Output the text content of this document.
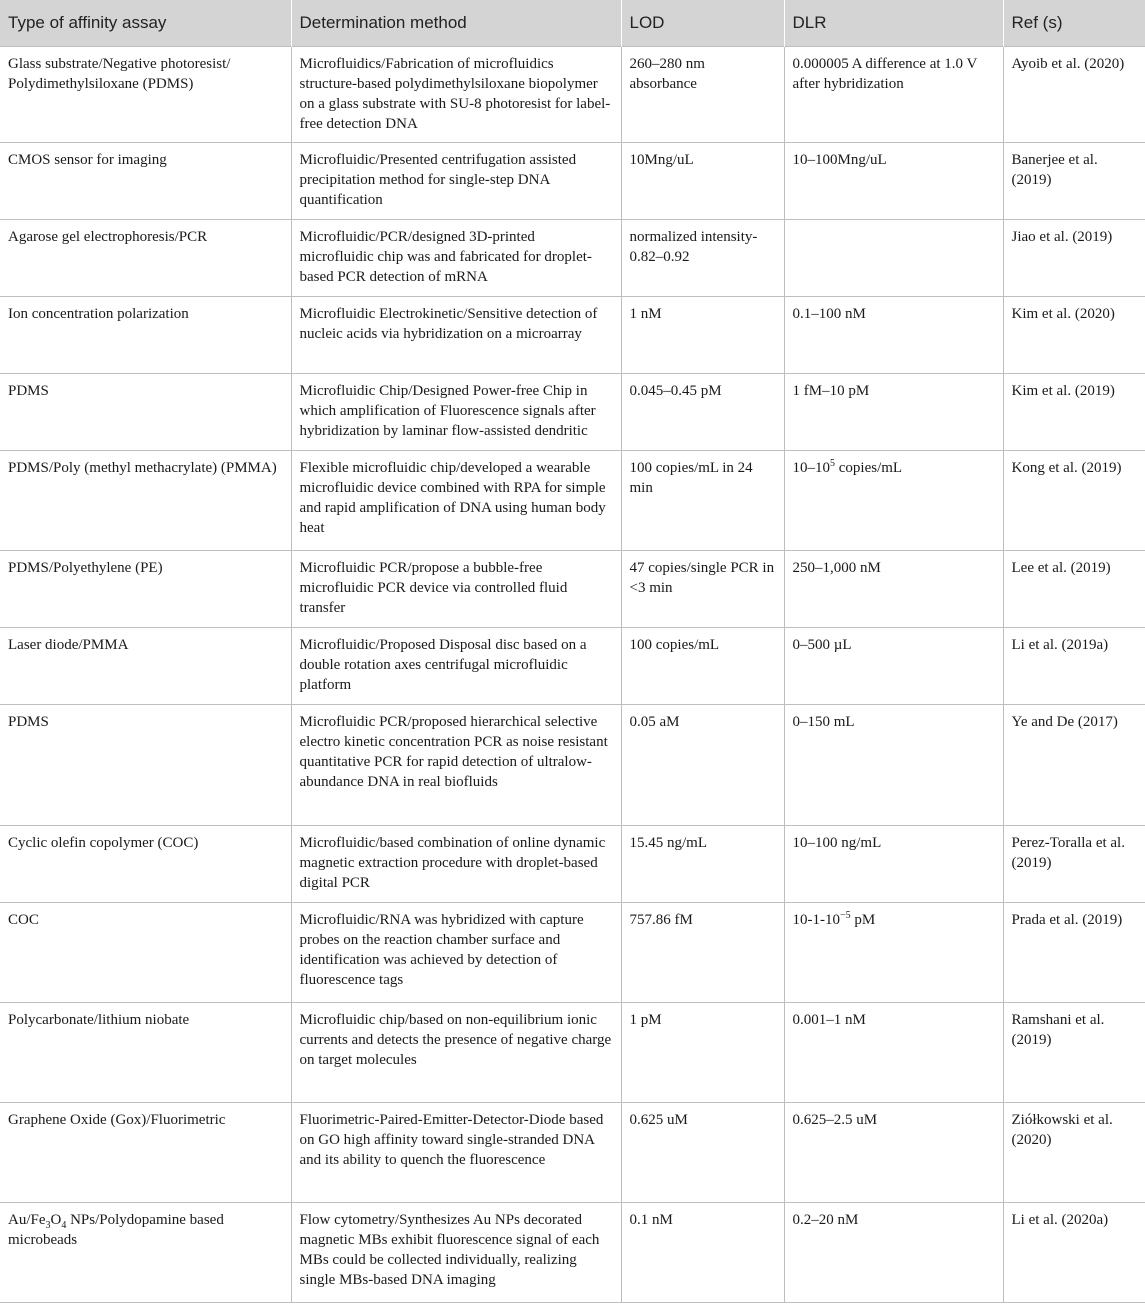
Type of affinity assay	Determination method	LOD	DLR	Ref (s)
Glass substrate/Negative photoresist/ Polydimethylsiloxane (PDMS)	Microfluidics/Fabrication of microfluidics structure-based polydimethylsiloxane biopolymer on a glass substrate with SU-8 photoresist for label-free detection DNA	260–280 nm absorbance	0.000005 A difference at 1.0 V after hybridization	Ayoib et al. (2020)
CMOS sensor for imaging	Microfluidic/Presented centrifugation assisted precipitation method for single-step DNA quantification	10Mng/uL	10–100Mng/uL	Banerjee et al. (2019)
Agarose gel electrophoresis/PCR	Microfluidic/PCR/designed 3D-printed microfluidic chip was and fabricated for droplet-based PCR detection of mRNA	normalized intensity-0.82–0.92		Jiao et al. (2019)
Ion concentration polarization	Microfluidic Electrokinetic/Sensitive detection of nucleic acids via hybridization on a microarray	1 nM	0.1–100 nM	Kim et al. (2020)
PDMS	Microfluidic Chip/Designed Power-free Chip in which amplification of Fluorescence signals after hybridization by laminar flow-assisted dendritic	0.045–0.45 pM	1 fM–10 pM	Kim et al. (2019)
PDMS/Poly (methyl methacrylate) (PMMA)	Flexible microfluidic chip/developed a wearable microfluidic device combined with RPA for simple and rapid amplification of DNA using human body heat	100 copies/mL in 24 min	$10-10^5$ copies/mL	Kong et al. (2019)
PDMS/Polyethylene (PE)	Microfluidic PCR/propose a bubble-free microfluidic PCR device via controlled fluid transfer	47 copies/single PCR in <3 min	250–1,000 nM	Lee et al. (2019)
Laser diode/PMMA	Microfluidic/Proposed Disposal disc based on a double rotation axes centrifugal microfluidic platform	100 copies/mL	0–500 µL	Li et al. (2019a)
PDMS	Microfluidic PCR/proposed hierarchical selective electro kinetic concentration PCR as noise resistant quantitative PCR for rapid detection of ultralow-abundance DNA in real biofluids	0.05 aM	0–150 mL	Ye and De (2017)
Cyclic olefin copolymer (COC)	Microfluidic/based combination of online dynamic magnetic extraction procedure with droplet-based digital PCR	15.45 ng/mL	10–100 ng/mL	Perez-Toralla et al. (2019)
COC	Microfluidic/RNA was hybridized with capture probes on the reaction chamber surface and identification was achieved by detection of fluorescence tags	757.86 fM	$10-1-10^{-5}$ pM	Prada et al. (2019)
Polycarbonate/lithium niobate	Microfluidic chip/based on non-equilibrium ionic currents and detects the presence of negative charge on target molecules	1 pM	0.001–1 nM	Ramshani et al. (2019)
Graphene Oxide (Gox)/Fluorimetric	Fluorimetric-Paired-Emitter-Detector-Diode based on GO high affinity toward single-stranded DNA and its ability to quench the fluorescence	0.625 uM	0.625–2.5 uM	Ziółkowski et al. (2020)
$Au/Fe_3O_4$ NPs/Polydopamine based microbeads	Flow cytometry/Synthesizes Au NPs decorated magnetic MBs exhibit fluorescence signal of each MBs could be collected individually, realizing single MBs-based DNA imaging	0.1 nM	0.2–20 nM	Li et al. (2020a)
